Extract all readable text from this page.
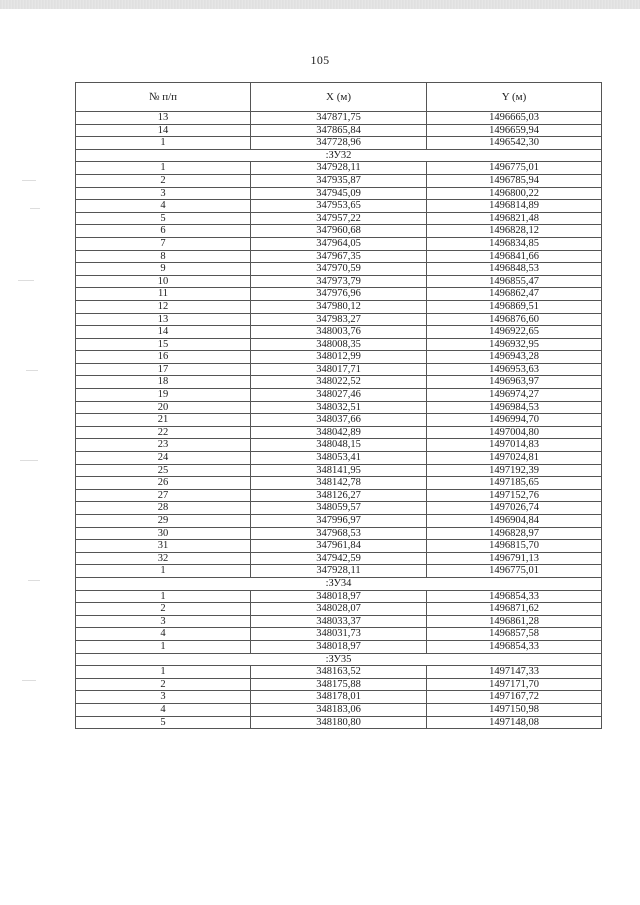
105
№ п/п	X (м)	Y (м)
13	347871,75	1496665,03
14	347865,84	1496659,94
1	347728,96	1496542,30
:ЗУ32		
1	347928,11	1496775,01
2	347935,87	1496785,94
3	347945,09	1496800,22
4	347953,65	1496814,89
5	347957,22	1496821,48
6	347960,68	1496828,12
7	347964,05	1496834,85
8	347967,35	1496841,66
9	347970,59	1496848,53
10	347973,79	1496855,47
11	347976,96	1496862,47
12	347980,12	1496869,51
13	347983,27	1496876,60
14	348003,76	1496922,65
15	348008,35	1496932,95
16	348012,99	1496943,28
17	348017,71	1496953,63
18	348022,52	1496963,97
19	348027,46	1496974,27
20	348032,51	1496984,53
21	348037,66	1496994,70
22	348042,89	1497004,80
23	348048,15	1497014,83
24	348053,41	1497024,81
25	348141,95	1497192,39
26	348142,78	1497185,65
27	348126,27	1497152,76
28	348059,57	1497026,74
29	347996,97	1496904,84
30	347968,53	1496828,97
31	347961,84	1496815,70
32	347942,59	1496791,13
1	347928,11	1496775,01
:ЗУ34		
1	348018,97	1496854,33
2	348028,07	1496871,62
3	348033,37	1496861,28
4	348031,73	1496857,58
1	348018,97	1496854,33
:ЗУ35		
1	348163,52	1497147,33
2	348175,88	1497171,70
3	348178,01	1497167,72
4	348183,06	1497150,98
5	348180,80	1497148,08
